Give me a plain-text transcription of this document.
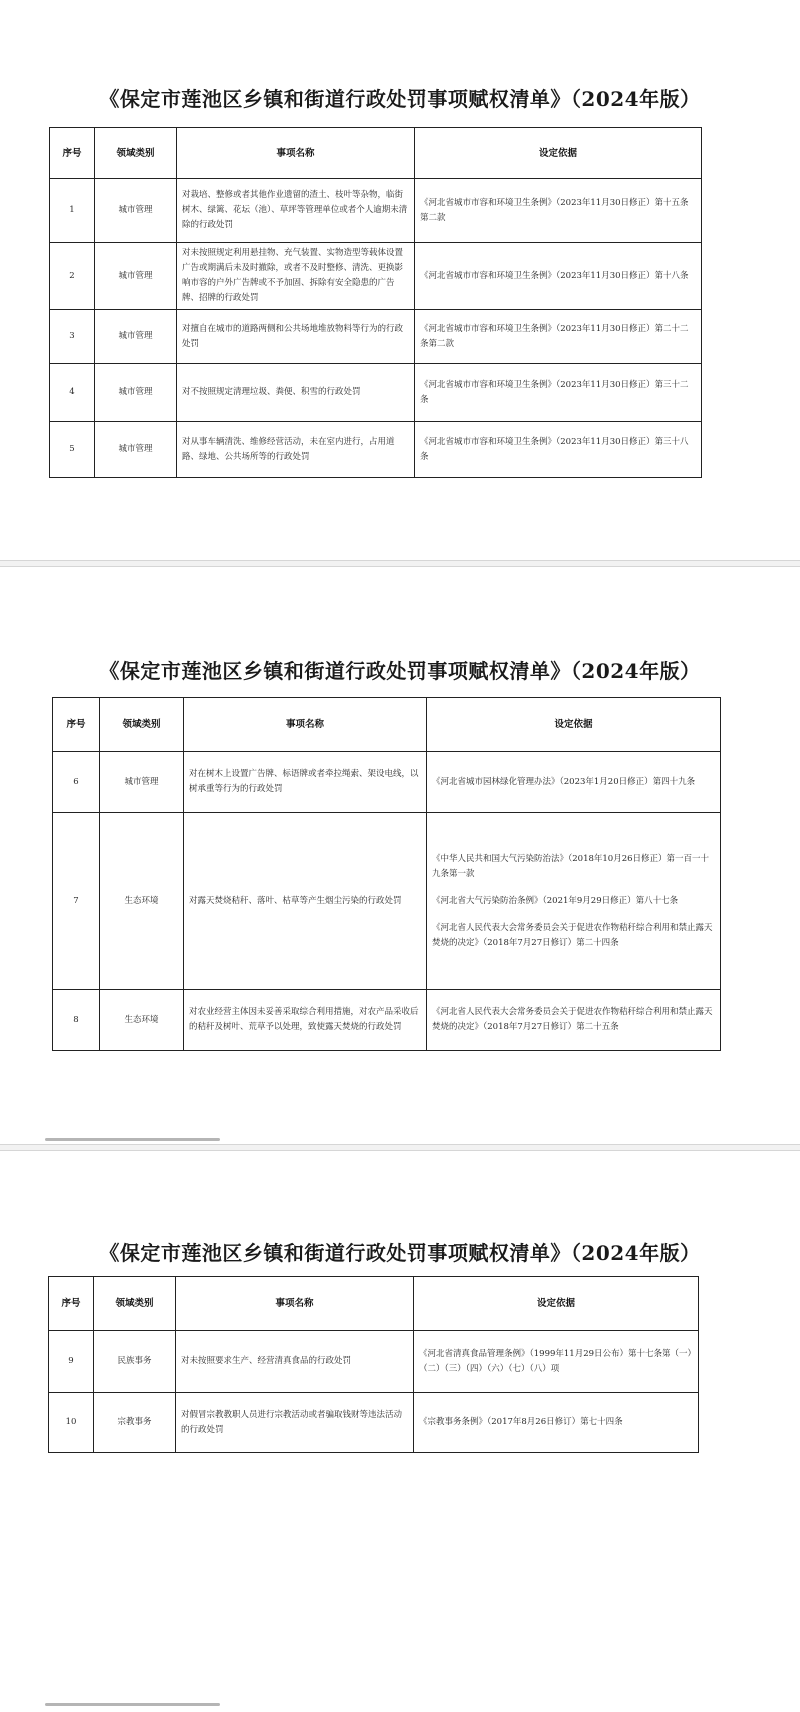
《保定市莲池区乡镇和街道行政处罚事项赋权清单》（2024年版）
序号	领域类别	事项名称	设定依据
1	城市管理	对栽培、整修或者其他作业遗留的渣土、枝叶等杂物，临街树木、绿篱、花坛（池）、草坪等管理单位或者个人逾期未清除的行政处罚	《河北省城市市容和环境卫生条例》（2023年11月30日修正）第十五条第二款
2	城市管理	对未按照规定利用悬挂物、充气装置、实物造型等载体设置广告或期满后未及时撤除，或者不及时整修、清洗、更换影响市容的户外广告牌或不予加固、拆除有安全隐患的广告牌、招牌的行政处罚	《河北省城市市容和环境卫生条例》（2023年11月30日修正）第十八条
3	城市管理	对擅自在城市的道路两侧和公共场地堆放物料等行为的行政处罚	《河北省城市市容和环境卫生条例》（2023年11月30日修正）第二十二条第二款
4	城市管理	对不按照规定清理垃圾、粪便、积雪的行政处罚	《河北省城市市容和环境卫生条例》（2023年11月30日修正）第三十二条
5	城市管理	对从事车辆清洗、维修经营活动，未在室内进行，占用道路、绿地、公共场所等的行政处罚	《河北省城市市容和环境卫生条例》（2023年11月30日修正）第三十八条
《保定市莲池区乡镇和街道行政处罚事项赋权清单》（2024年版）
序号	领域类别	事项名称	设定依据
6	城市管理	对在树木上设置广告牌、标语牌或者牵拉绳索、架设电线，以树承重等行为的行政处罚	《河北省城市园林绿化管理办法》（2023年1月20日修正）第四十九条
7	生态环境	对露天焚烧秸秆、落叶、枯草等产生烟尘污染的行政处罚	《中华人民共和国大气污染防治法》（2018年10月26日修正）第一百一十九条第一款
《河北省大气污染防治条例》（2021年9月29日修正）第八十七条
《河北省人民代表大会常务委员会关于促进农作物秸秆综合利用和禁止露天焚烧的决定》（2018年7月27日修订）第二十四条

8	生态环境	对农业经营主体因未妥善采取综合利用措施，对农产品采收后的秸秆及树叶、荒草予以处理，致使露天焚烧的行政处罚	《河北省人民代表大会常务委员会关于促进农作物秸秆综合利用和禁止露天焚烧的决定》（2018年7月27日修订）第二十五条
《保定市莲池区乡镇和街道行政处罚事项赋权清单》（2024年版）
序号	领域类别	事项名称	设定依据
9	民族事务	对未按照要求生产、经营清真食品的行政处罚	《河北省清真食品管理条例》（1999年11月29日公布）第十七条第（一）（二）（三）（四）（六）（七）（八）项
10	宗教事务	对假冒宗教教职人员进行宗教活动或者骗取钱财等违法活动的行政处罚	《宗教事务条例》（2017年8月26日修订）第七十四条
